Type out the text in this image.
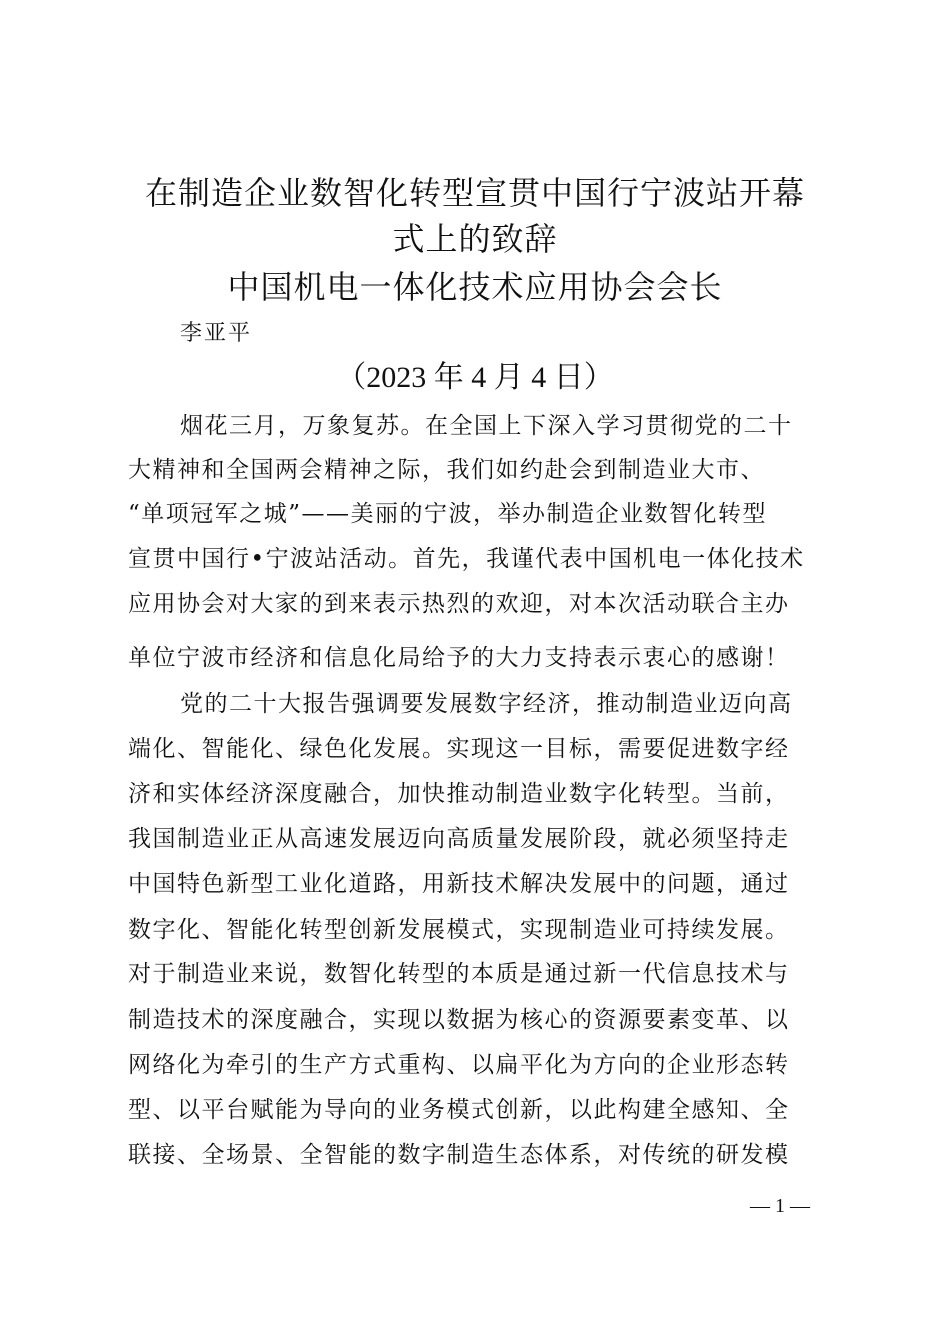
在制造企业数智化转型宣贯中国行宁波站开幕
式上的致辞
中国机电一体化技术应用协会会长
李亚平
（2023 年 4 月 4 日）
烟花三月，万象复苏。在全国上下深入学习贯彻党的二十
大精神和全国两会精神之际，我们如约赴会到制造业大市、
“单项冠军之城”——美丽的宁波，举办制造企业数智化转型
宣贯中国行•宁波站活动。首先，我谨代表中国机电一体化技术
应用协会对大家的到来表示热烈的欢迎，对本次活动联合主办
单位宁波市经济和信息化局给予的大力支持表示衷心的感谢！
党的二十大报告强调要发展数字经济，推动制造业迈向高
端化、智能化、绿色化发展。实现这一目标，需要促进数字经
济和实体经济深度融合，加快推动制造业数字化转型。当前，
我国制造业正从高速发展迈向高质量发展阶段，就必须坚持走
中国特色新型工业化道路，用新技术解决发展中的问题，通过
数字化、智能化转型创新发展模式，实现制造业可持续发展。
对于制造业来说，数智化转型的本质是通过新一代信息技术与
制造技术的深度融合，实现以数据为核心的资源要素变革、以
网络化为牵引的生产方式重构、以扁平化为方向的企业形态转
型、以平台赋能为导向的业务模式创新，以此构建全感知、全
联接、全场景、全智能的数字制造生态体系，对传统的研发模
— 1 —
